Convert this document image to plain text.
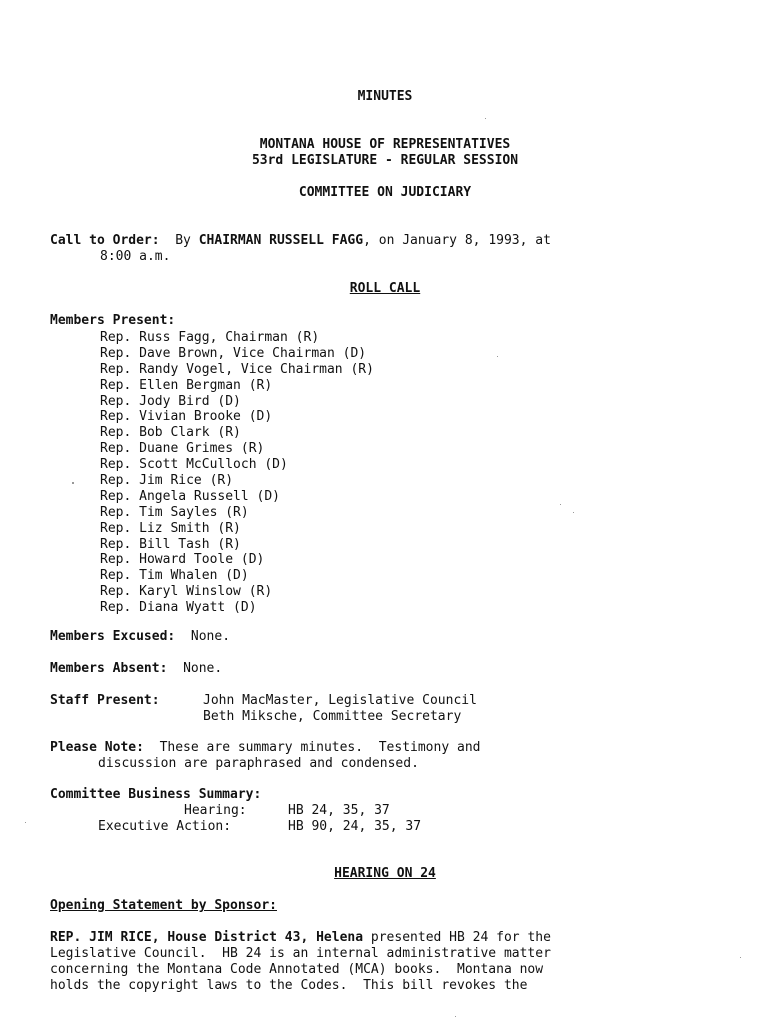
MINUTES
MONTANA HOUSE OF REPRESENTATIVES
53rd LEGISLATURE - REGULAR SESSION
COMMITTEE ON JUDICIARY
Call to Order: By CHAIRMAN RUSSELL FAGG, on January 8, 1993, at
8:00 a.m.
ROLL CALL
Members Present:
Rep. Russ Fagg, Chairman (R)
Rep. Dave Brown, Vice Chairman (D)
Rep. Randy Vogel, Vice Chairman (R)
Rep. Ellen Bergman (R)
Rep. Jody Bird (D)
Rep. Vivian Brooke (D)
Rep. Bob Clark (R)
Rep. Duane Grimes (R)
Rep. Scott McCulloch (D)
Rep. Jim Rice (R)
Rep. Angela Russell (D)
Rep. Tim Sayles (R)
Rep. Liz Smith (R)
Rep. Bill Tash (R)
Rep. Howard Toole (D)
Rep. Tim Whalen (D)
Rep. Karyl Winslow (R)
Rep. Diana Wyatt (D)
Members Excused: None.
Members Absent: None.
Staff Present:	John MacMaster, Legislative Council
Beth Miksche, Committee Secretary
Please Note: These are summary minutes.  Testimony and
discussion are paraphrased and condensed.
Committee Business Summary:
Hearing:	HB 24, 35, 37
Executive Action:	HB 90, 24, 35, 37
HEARING ON 24
Opening Statement by Sponsor:
REP. JIM RICE, House District 43, Helena presented HB 24 for the
Legislative Council.  HB 24 is an internal administrative matter
concerning the Montana Code Annotated (MCA) books.  Montana now
holds the copyright laws to the Codes.  This bill revokes the
